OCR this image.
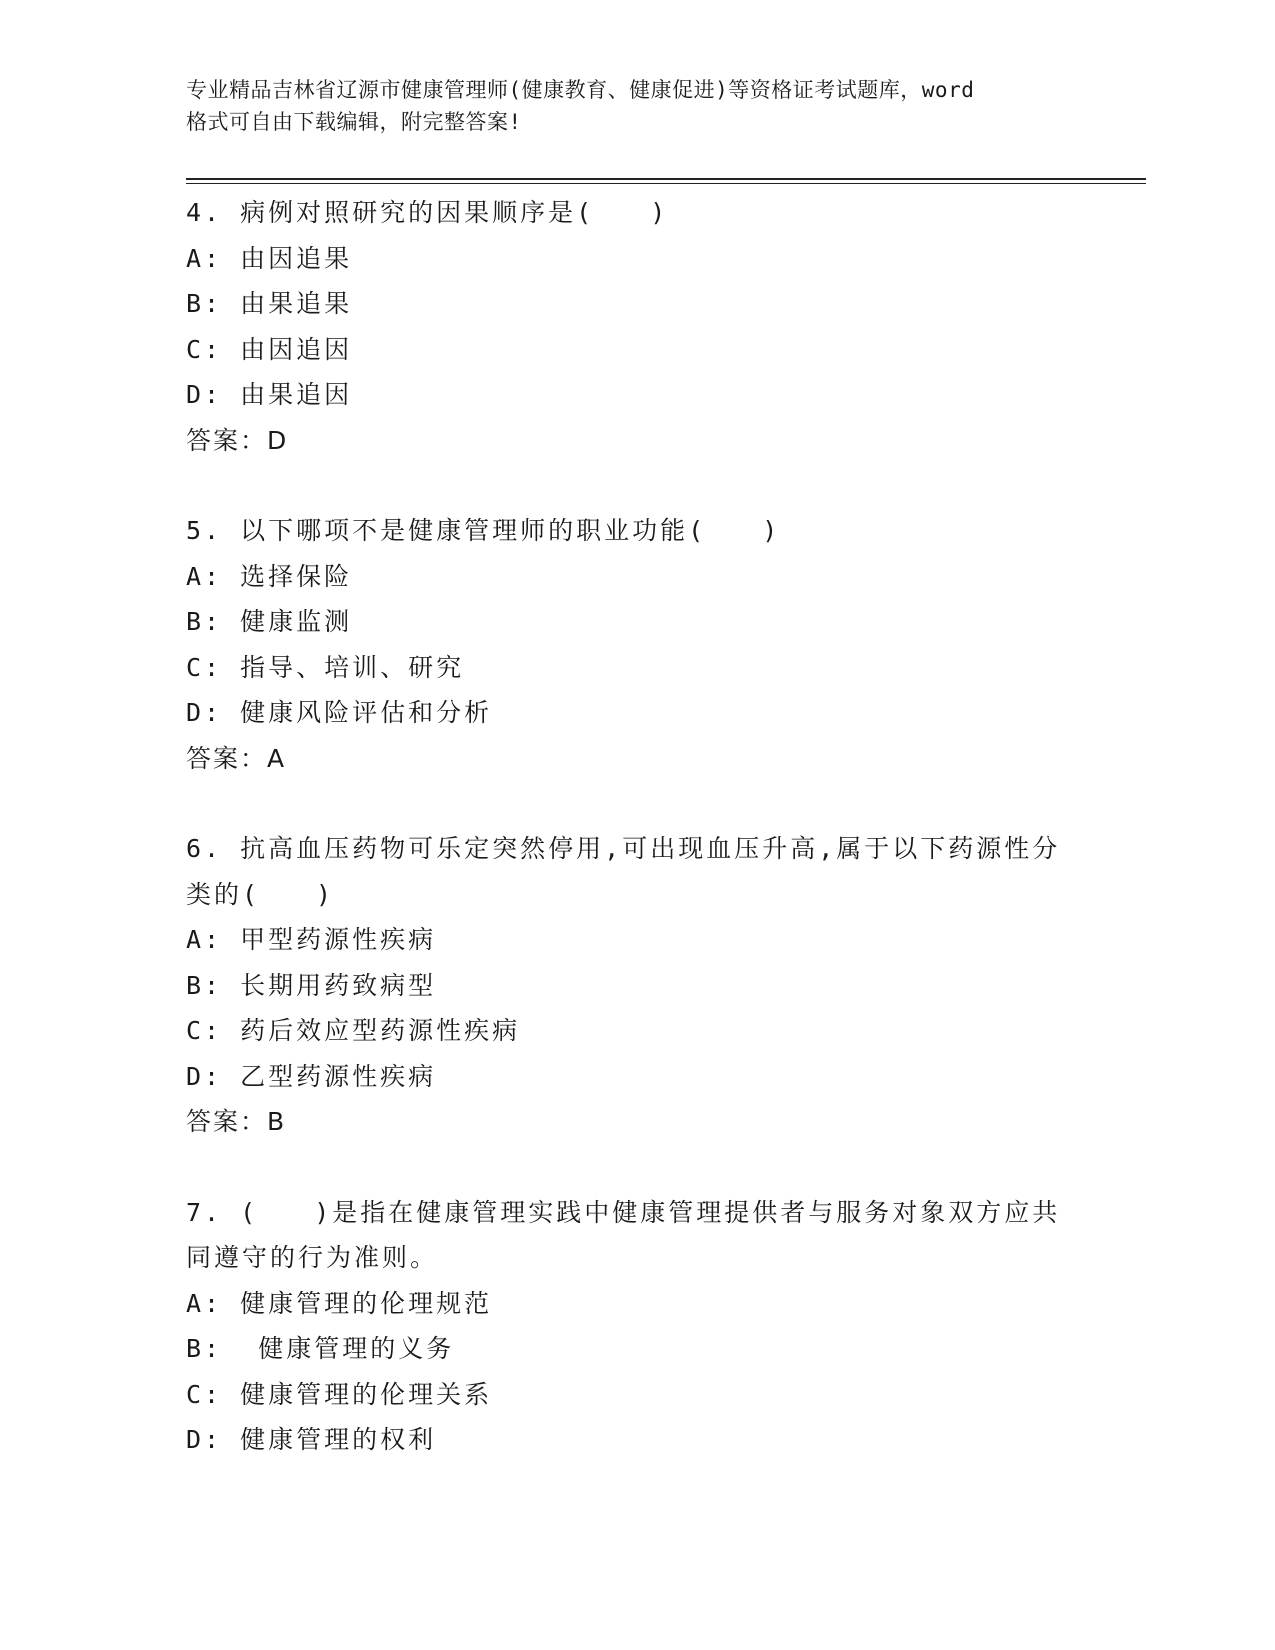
专业精品吉林省辽源市健康管理师(健康教育、健康促进)等资格证考试题库，word
格式可自由下载编辑，附完整答案!
4. 病例对照研究的因果顺序是(　　)
A: 由因追果
B: 由果追果
C: 由因追因
D: 由果追因
答案：D
5. 以下哪项不是健康管理师的职业功能(　　)
A: 选择保险
B: 健康监测
C: 指导、培训、研究
D: 健康风险评估和分析
答案：A
6. 抗高血压药物可乐定突然停用,可出现血压升高,属于以下药源性分
类的(　　)
A: 甲型药源性疾病
B: 长期用药致病型
C: 药后效应型药源性疾病
D: 乙型药源性疾病
答案：B
7. (　　)是指在健康管理实践中健康管理提供者与服务对象双方应共
同遵守的行为准则。
A: 健康管理的伦理规范
B:  健康管理的义务
C: 健康管理的伦理关系
D: 健康管理的权利
